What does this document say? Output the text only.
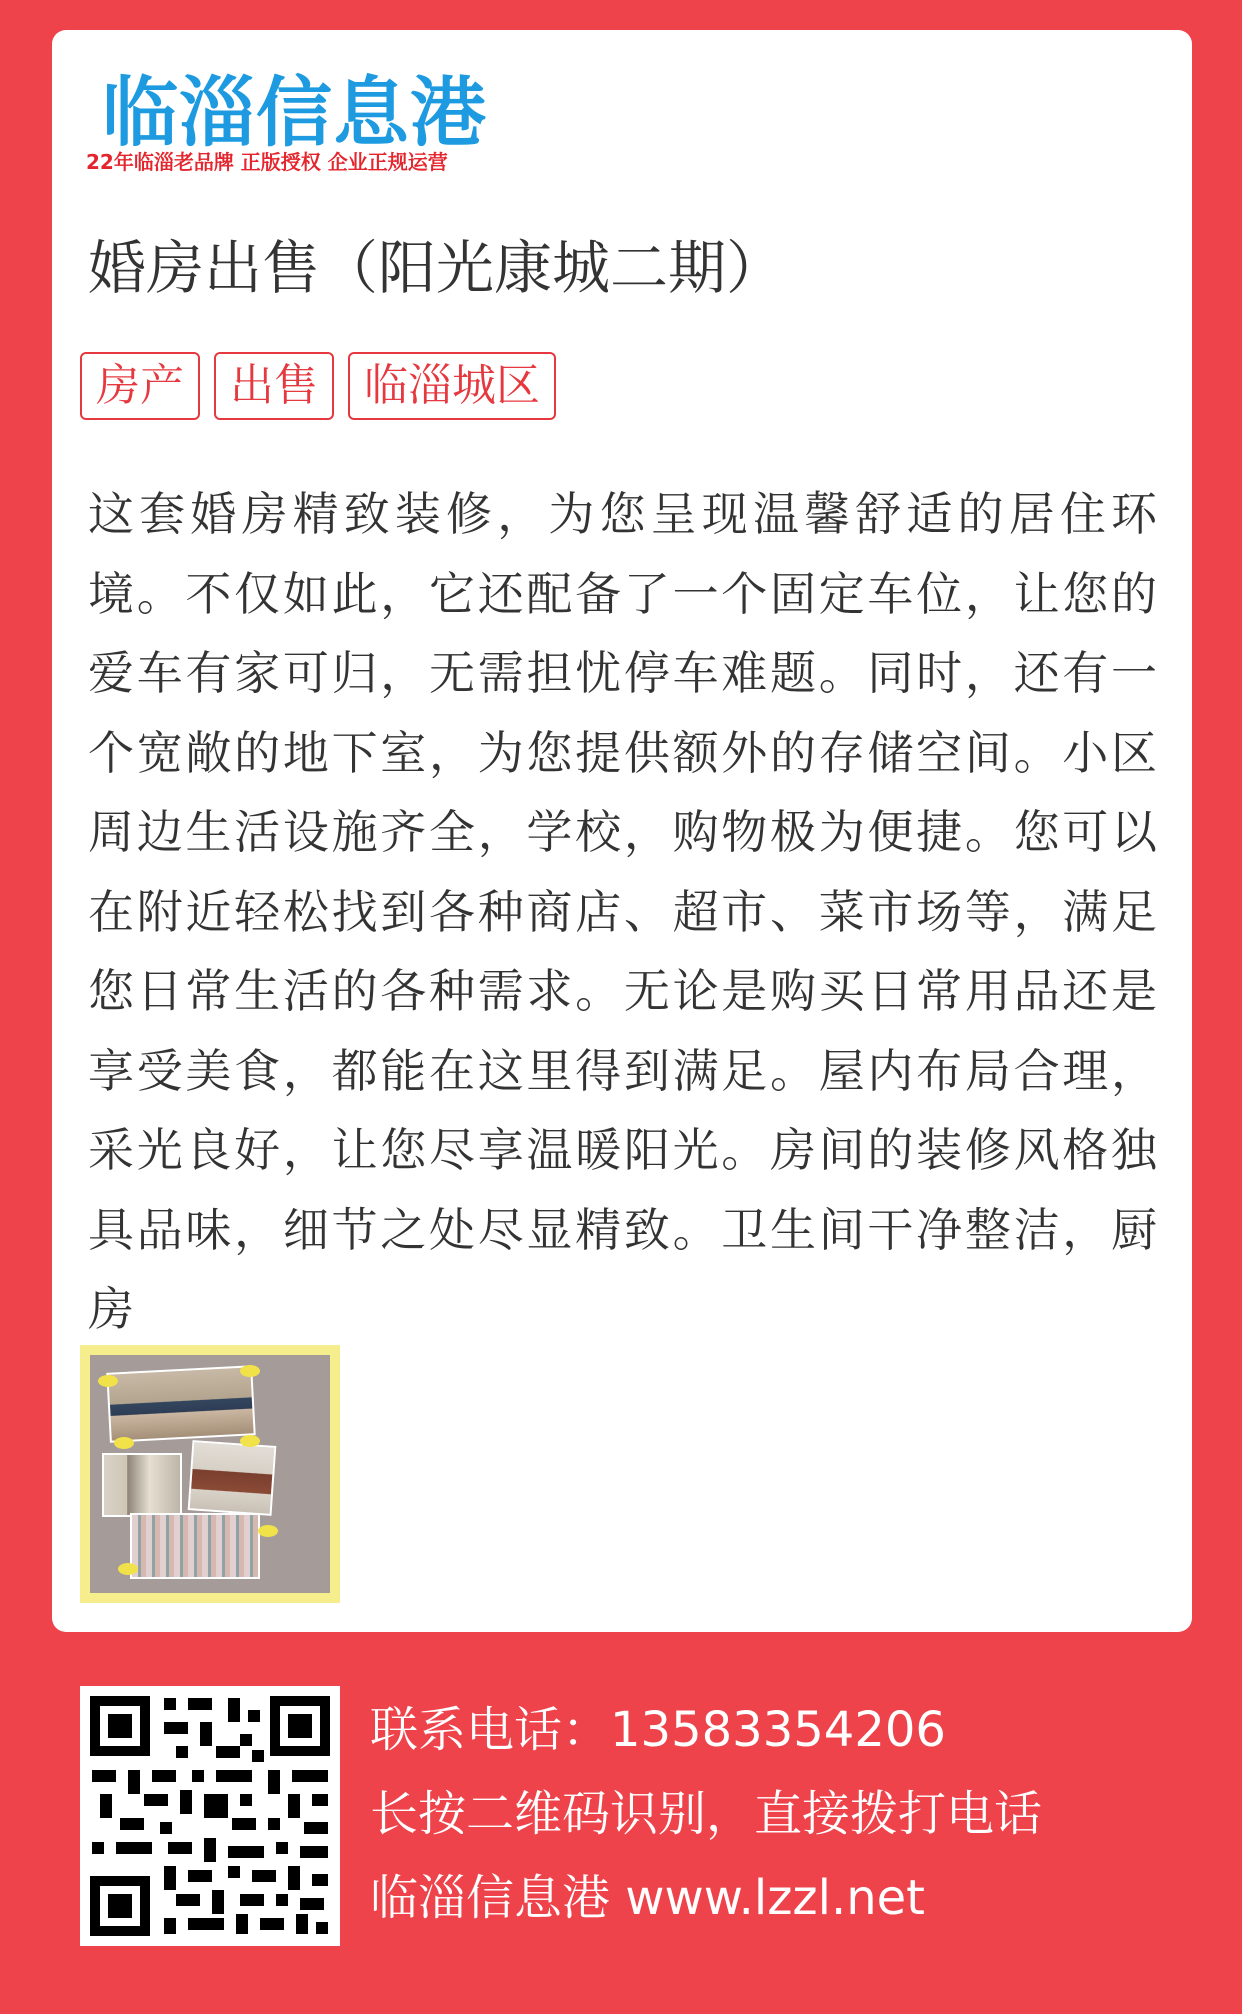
临淄信息港
22年临淄老品牌 正版授权 企业正规运营
婚房出售（阳光康城二期）
房产	出售	临淄城区
这套婚房精致装修，为您呈现温馨舒适的居住环境。不仅如此，它还配备了一个固定车位，让您的爱车有家可归，无需担忧停车难题。同时，还有一个宽敞的地下室，为您提供额外的存储空间。小区周边生活设施齐全，学校，购物极为便捷。您可以在附近轻松找到各种商店、超市、菜市场等，满足您日常生活的各种需求。无论是购买日常用品还是享受美食，都能在这里得到满足。屋内布局合理，采光良好，让您尽享温暖阳光。房间的装修风格独具品味，细节之处尽显精致。卫生间干净整洁，厨房
联系电话：13583354206
长按二维码识别，直接拨打电话
临淄信息港 www.lzzl.net
